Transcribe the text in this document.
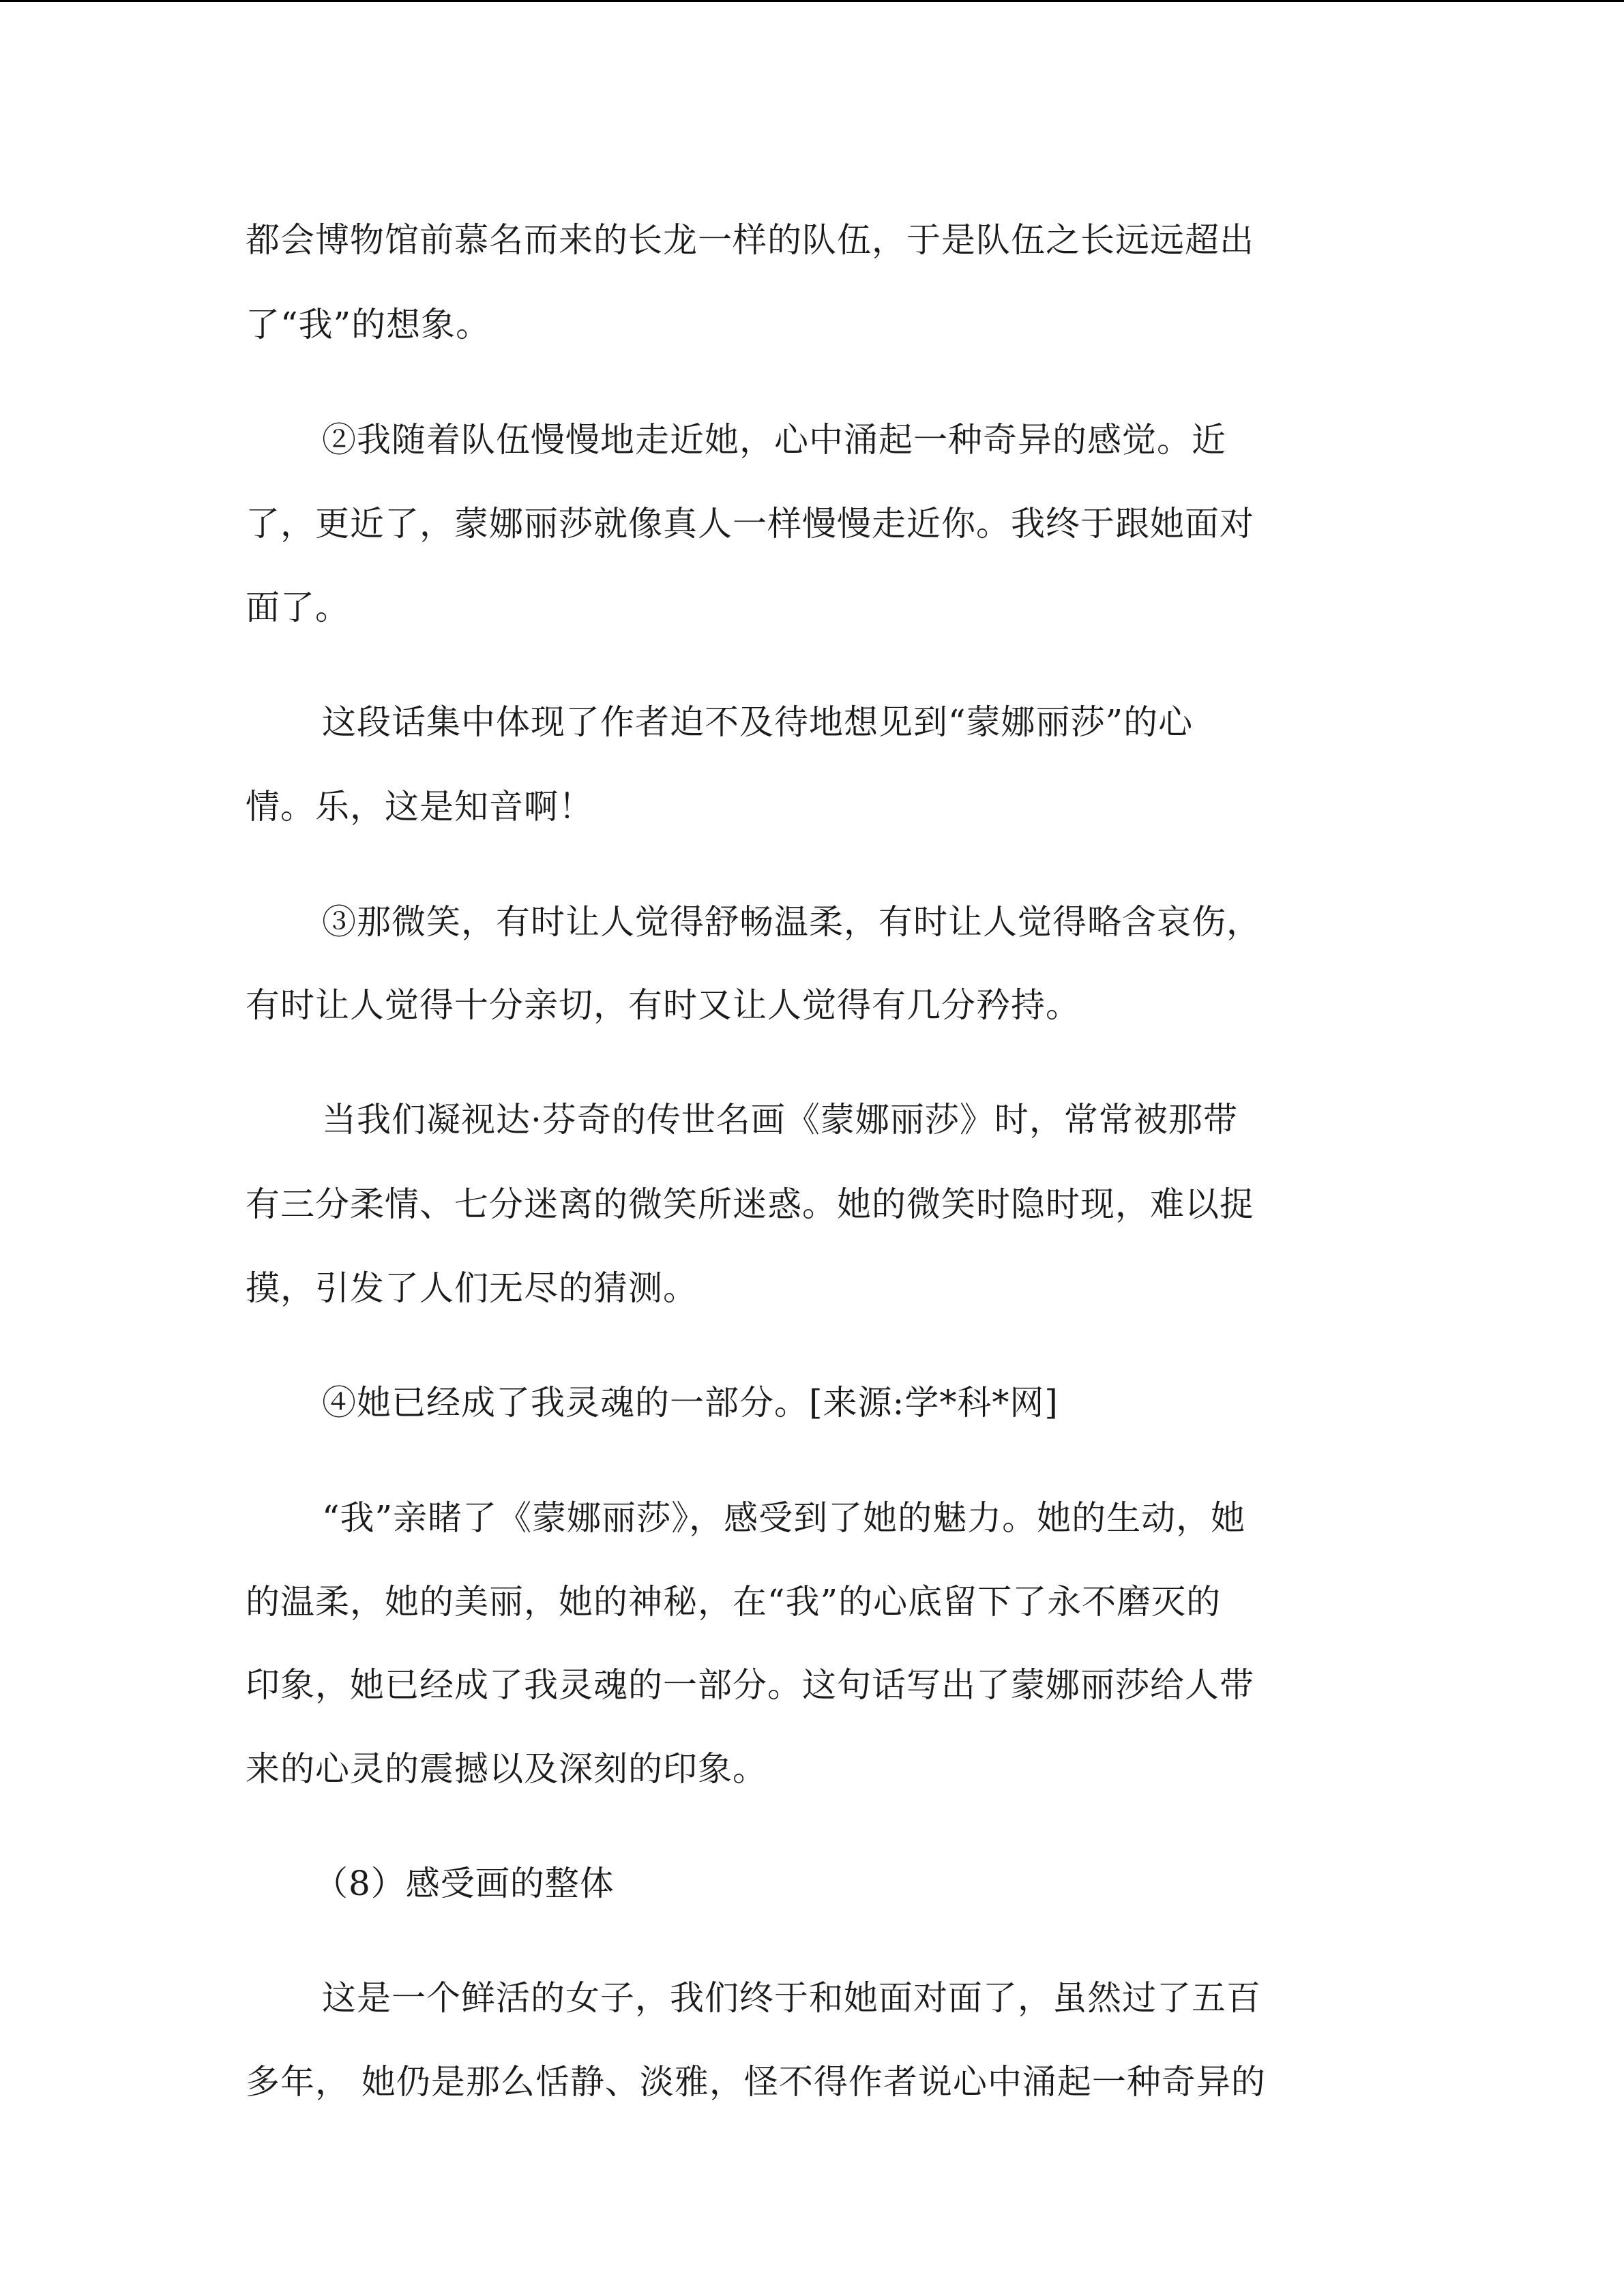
都会博物馆前慕名而来的长龙一样的队伍，于是队伍之长远远超出
了“我”的想象。
②我随着队伍慢慢地走近她，心中涌起一种奇异的感觉。近
了，更近了，蒙娜丽莎就像真人一样慢慢走近你。我终于跟她面对
面了。
这段话集中体现了作者迫不及待地想见到“蒙娜丽莎”的心
情。乐，这是知音啊！
③那微笑，有时让人觉得舒畅温柔，有时让人觉得略含哀伤，
有时让人觉得十分亲切，有时又让人觉得有几分矜持。
当我们凝视达·芬奇的传世名画《蒙娜丽莎》时，常常被那带
有三分柔情、七分迷离的微笑所迷惑。她的微笑时隐时现，难以捉
摸，引发了人们无尽的猜测。
④她已经成了我灵魂的一部分。[来源:学*科*网]
“我”亲睹了《蒙娜丽莎》，感受到了她的魅力。她的生动，她
的温柔，她的美丽，她的神秘，在“我”的心底留下了永不磨灭的
印象，她已经成了我灵魂的一部分。这句话写出了蒙娜丽莎给人带
来的心灵的震撼以及深刻的印象。
（8）感受画的整体
这是一个鲜活的女子，我们终于和她面对面了，虽然过了五百
多年， 她仍是那么恬静、淡雅，怪不得作者说心中涌起一种奇异的
